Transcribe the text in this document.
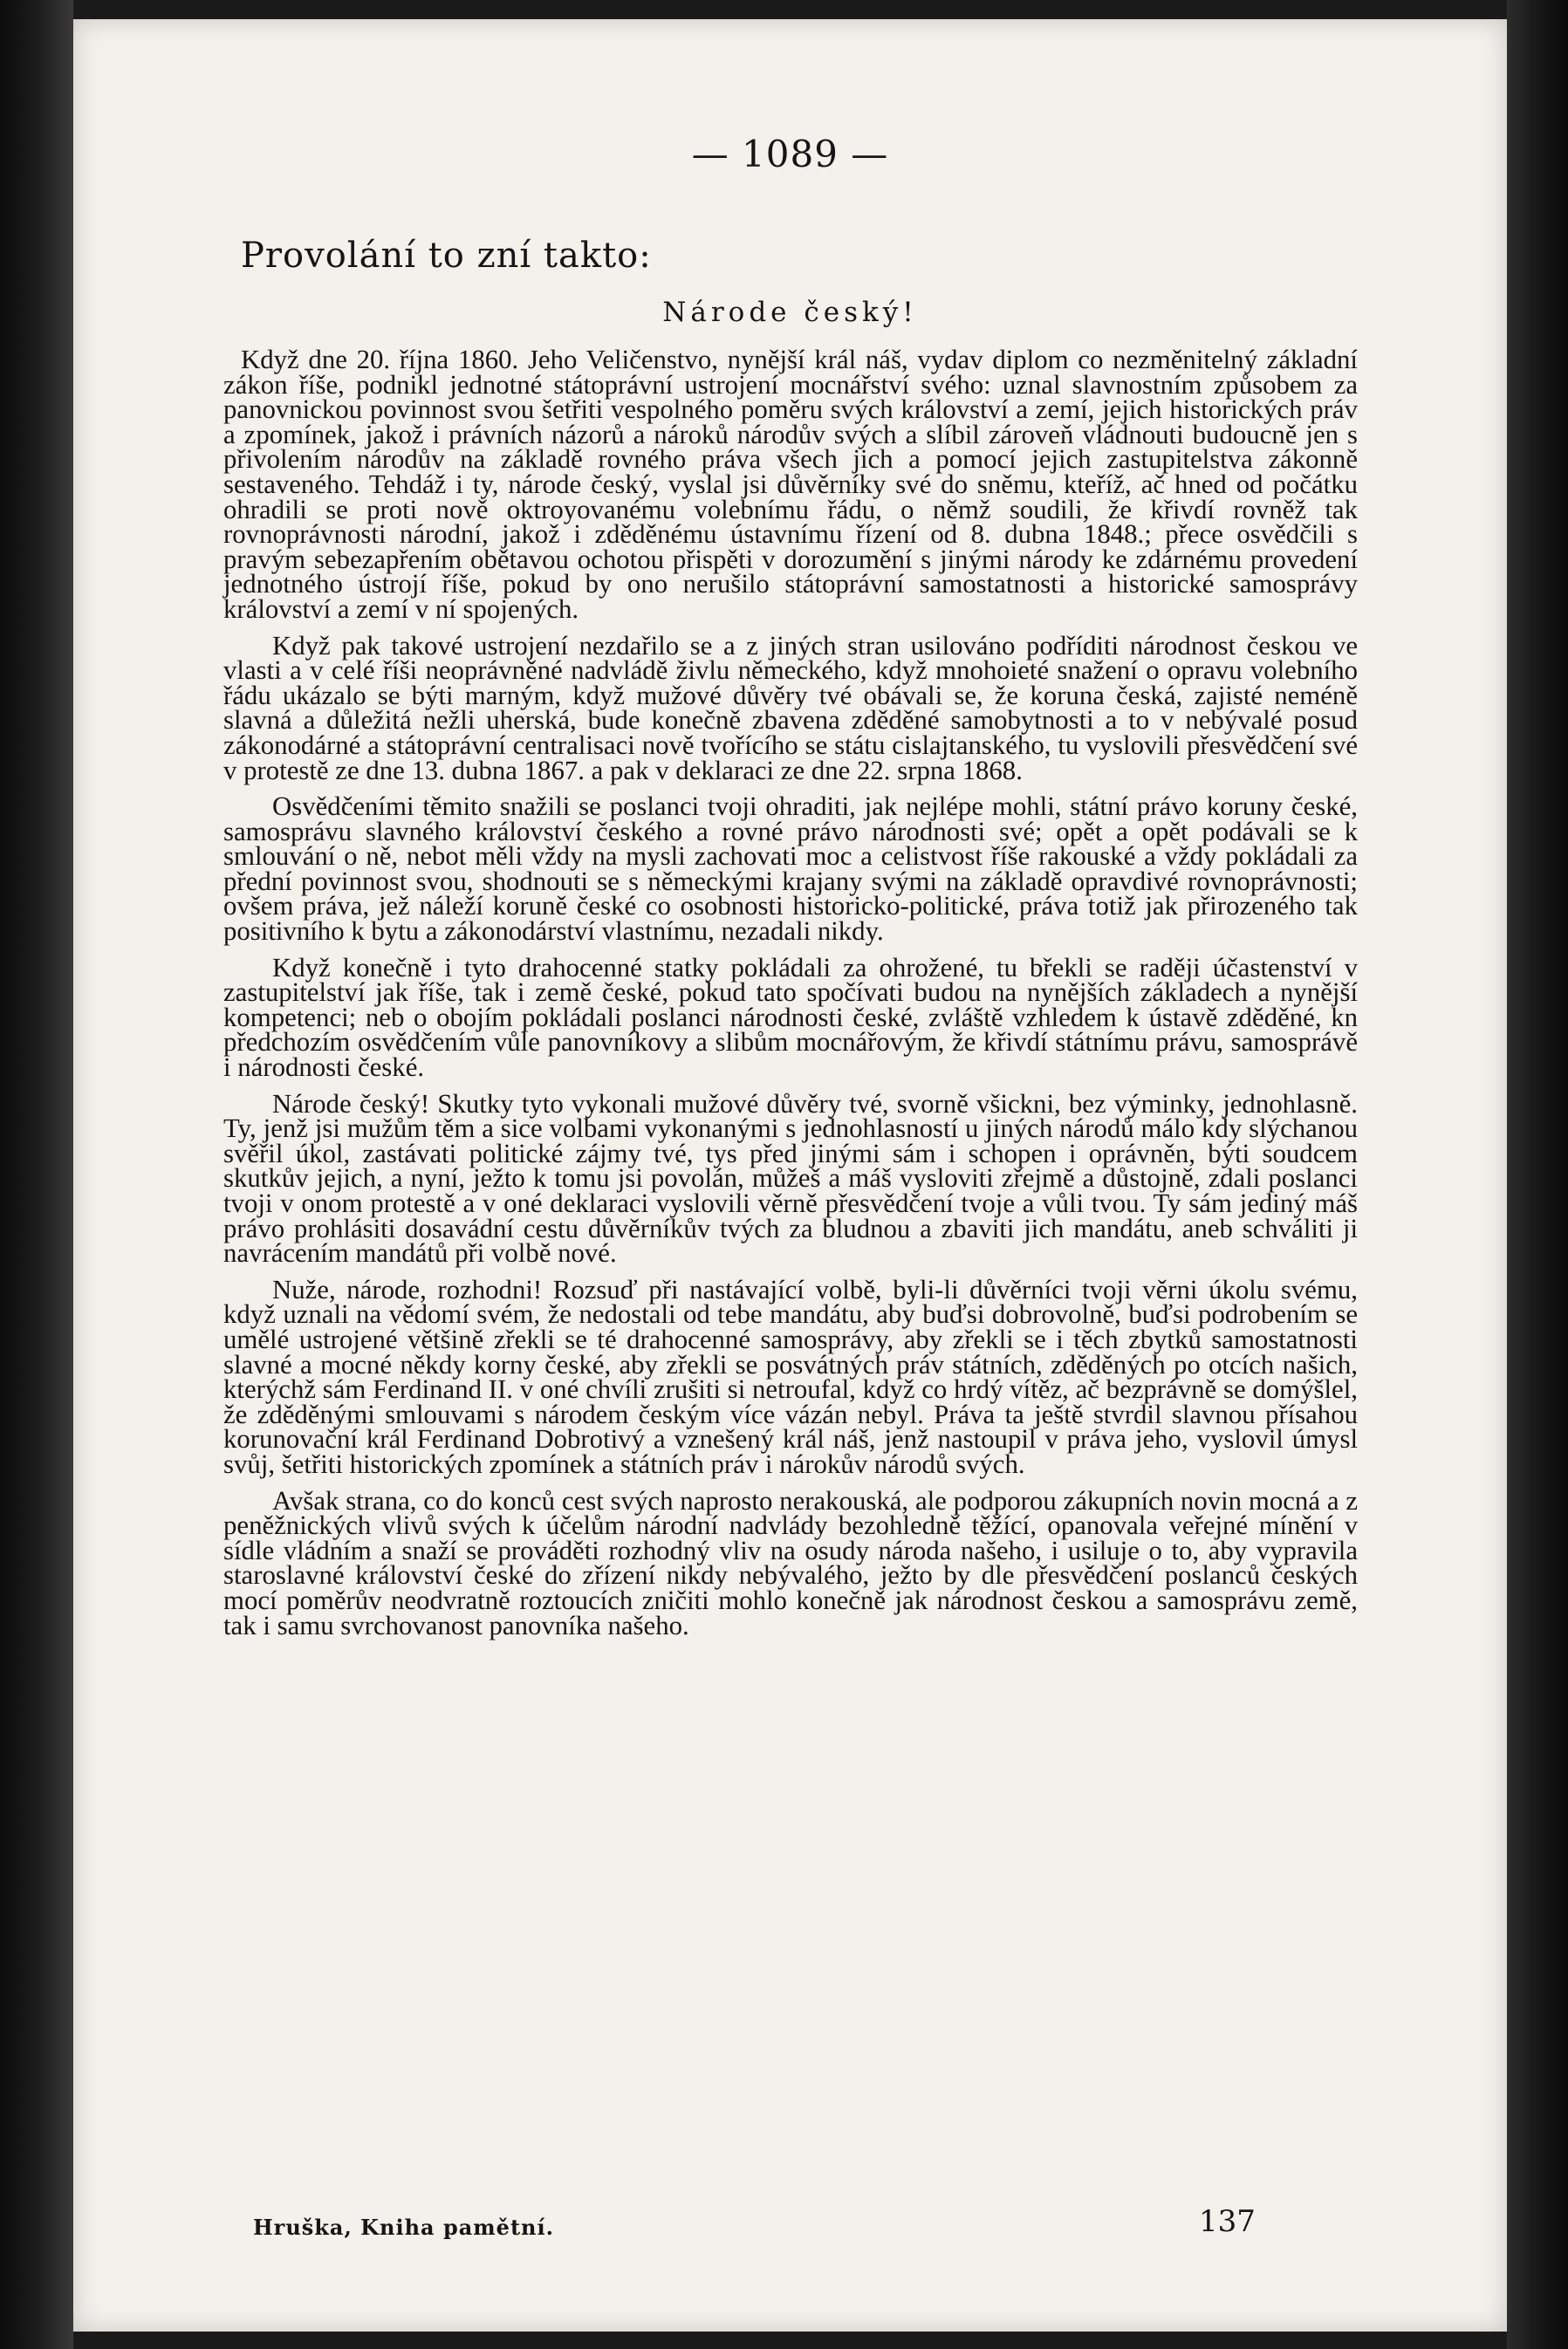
— 1089 —
Provolání to zní takto:
Národe český!

Když dne 20. října 1860. Jeho Veličenstvo, nynější král náš, vydav diplom co nezměnitelný základní zákon říše, podnikl jednotné státoprávní ustrojení mocnářství svého: uznal slavnostním způsobem za panovnickou povinnost svou šetřiti vespolného poměru svých království a zemí, jejich historických práv a zpomínek, jakož i právních názorů a nároků národův svých a slíbil zároveň vládnouti budoucně jen s přivolením národův na základě rovného práva všech jich a pomocí jejich zastupitelstva zákonně sestaveného. Tehdáž i ty, národe český, vyslal jsi důvěrníky své do sněmu, kteříž, ač hned od počátku ohradili se proti nově oktroyovanému volebnímu řádu, o němž soudili, že křivdí rovněž tak rovnoprávnosti národní, jakož i zděděnému ústavnímu řízení od 8. dubna 1848.; přece osvědčili s pravým sebezapřením obětavou ochotou přispěti v dorozumění s jinými národy ke zdárnému provedení jednotného ústrojí říše, pokud by ono nerušilo státoprávní samostatnosti a historické samosprávy království a zemí v ní spojených.

Když pak takové ustrojení nezdařilo se a z jiných stran usilováno podříditi národnost českou ve vlasti a v celé říši neoprávněné nadvládě živlu německého, když mnohoieté snažení o opravu volebního řádu ukázalo se býti marným, když mužové důvěry tvé obávali se, že koruna česká, zajisté neméně slavná a důležitá nežli uherská, bude konečně zbavena zděděné samobytnosti a to v nebývalé posud zákonodárné a státoprávní centralisaci nově tvořícího se státu cislajtanského, tu vyslovili přesvědčení své v protestě ze dne 13. dubna 1867. a pak v deklaraci ze dne 22. srpna 1868.

Osvědčeními těmito snažili se poslanci tvoji ohraditi, jak nejlépe mohli, státní právo koruny české, samosprávu slavného království českého a rovné právo národnosti své; opět a opět podávali se k smlouvání o ně, nebot měli vždy na mysli zachovati moc a celistvost říše rakouské a vždy pokládali za přední povinnost svou, shodnouti se s německými krajany svými na základě opravdivé rovnoprávnosti; ovšem práva, jež náleží koruně české co osobnosti historicko-politické, práva totiž jak přirozeného tak positivního k bytu a zákonodárství vlastnímu, nezadali nikdy.

Když konečně i tyto drahocenné statky pokládali za ohrožené, tu břekli se raději účastenství v zastupitelství jak říše, tak i země české, pokud tato spočívati budou na nynějších základech a nynější kompetenci; neb o obojím pokládali poslanci národnosti české, zvláště vzhledem k ústavě zděděné, kn předchozím osvědčením vůle panovníkovy a slibům mocnářovým, že křivdí státnímu právu, samosprávě i národnosti české.

Národe český! Skutky tyto vykonali mužové důvěry tvé, svorně všickni, bez výminky, jednohlasně. Ty, jenž jsi mužům těm a sice volbami vykonanými s jednohlasností u jiných národů málo kdy slýchanou svěřil úkol, zastávati politické zájmy tvé, tys před jinými sám i schopen i oprávněn, býti soudcem skutkův jejich, a nyní, ježto k tomu jsi povolán, můžeš a máš vysloviti zřejmě a důstojně, zdali poslanci tvoji v onom protestě a v oné deklaraci vyslovili věrně přesvědčení tvoje a vůli tvou. Ty sám jediný máš právo prohlásiti dosavádní cestu důvěrníkův tvých za bludnou a zbaviti jich mandátu, aneb schváliti ji navrácením mandátů při volbě nové.

Nuže, národe, rozhodni! Rozsuď při nastávající volbě, byli-li důvěrníci tvoji věrni úkolu svému, když uznali na vědomí svém, že nedostali od tebe mandátu, aby buďsi dobrovolně, buďsi podrobením se umělé ustrojené většině zřekli se té drahocenné samosprávy, aby zřekli se i těch zbytků samostatnosti slavné a mocné někdy korny české, aby zřekli se posvátných práv státních, zděděných po otcích našich, kterýchž sám Ferdinand II. v oné chvíli zrušiti si netroufal, když co hrdý vítěz, ač bezprávně se domýšlel, že zděděnými smlouvami s národem českým více vázán nebyl. Práva ta ještě stvrdil slavnou přísahou korunovační král Ferdinand Dobrotivý a vznešený král náš, jenž nastoupil v práva jeho, vyslovil úmysl svůj, šetřiti historických zpomínek a státních práv i nárokův národů svých.

Avšak strana, co do konců cest svých naprosto nerakouská, ale podporou zákupních novin mocná a z peněžnických vlivů svých k účelům národní nadvlády bezohledně těžící, opanovala veřejné mínění v sídle vládním a snaží se prováděti rozhodný vliv na osudy národa našeho, i usiluje o to, aby vypravila staroslavné království české do zřízení nikdy nebývalého, ježto by dle přesvědčení poslanců českých mocí poměrův neodvratně roztoucích zničiti mohlo konečně jak národnost českou a samosprávu země, tak i samu svrchovanost panovníka našeho.

Hruška, Kniha pamětní.	137
